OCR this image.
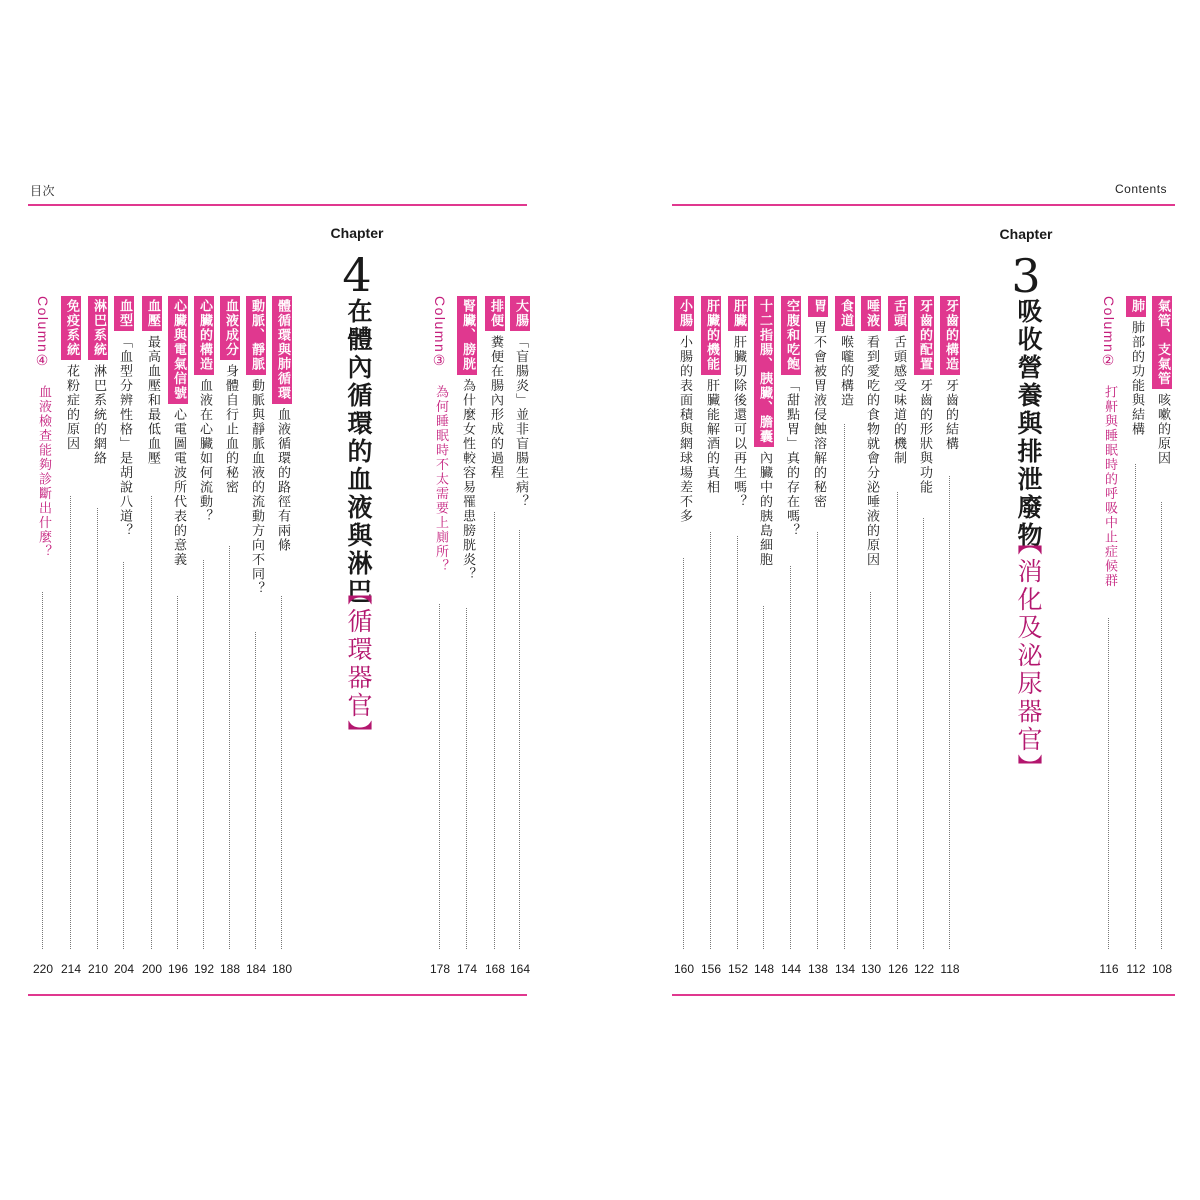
目次
Chapter
4
在體內循環的血液與淋巴
【循環器官】
大腸「盲腸炎」並非盲腸生病？
排便糞便在腸內形成的過程
腎臟、膀胱為什麼女性較容易罹患膀胱炎？
Column③　為何睡眠時不太需要上廁所？
體循環與肺循環血液循環的路徑有兩條
動脈、靜脈動脈與靜脈血液的流動方向不同？
血液成分身體自行止血的秘密
心臟的構造血液在心臟如何流動？
心臟與電氣信號心電圖電波所代表的意義
血壓最高血壓和最低血壓
血型「血型分辨性格」是胡說八道？
淋巴系統淋巴系統的網絡
免疫系統花粉症的原因
Column④　血液檢查能夠診斷出什麼？
164
168
174
178
180
184
188
192
196
200
204
210
214
220
Contents
Chapter
3
吸收營養與排泄廢物
【消化及泌尿器官】
氣管、支氣管咳嗽的原因
肺肺部的功能與結構
Column②　打鼾與睡眠時的呼吸中止症候群
牙齒的構造牙齒的結構
牙齒的配置牙齒的形狀與功能
舌頭舌頭感受味道的機制
唾液看到愛吃的食物就會分泌唾液的原因
食道喉嚨的構造
胃胃不會被胃液侵蝕溶解的秘密
空腹和吃飽「甜點胃」真的存在嗎？
十二指腸、胰臟、膽囊內臟中的胰島細胞
肝臟肝臟切除後還可以再生嗎？
肝臟的機能肝臟能解酒的真相
小腸小腸的表面積與網球場差不多
108
112
116
118
122
126
130
134
138
144
148
152
156
160
